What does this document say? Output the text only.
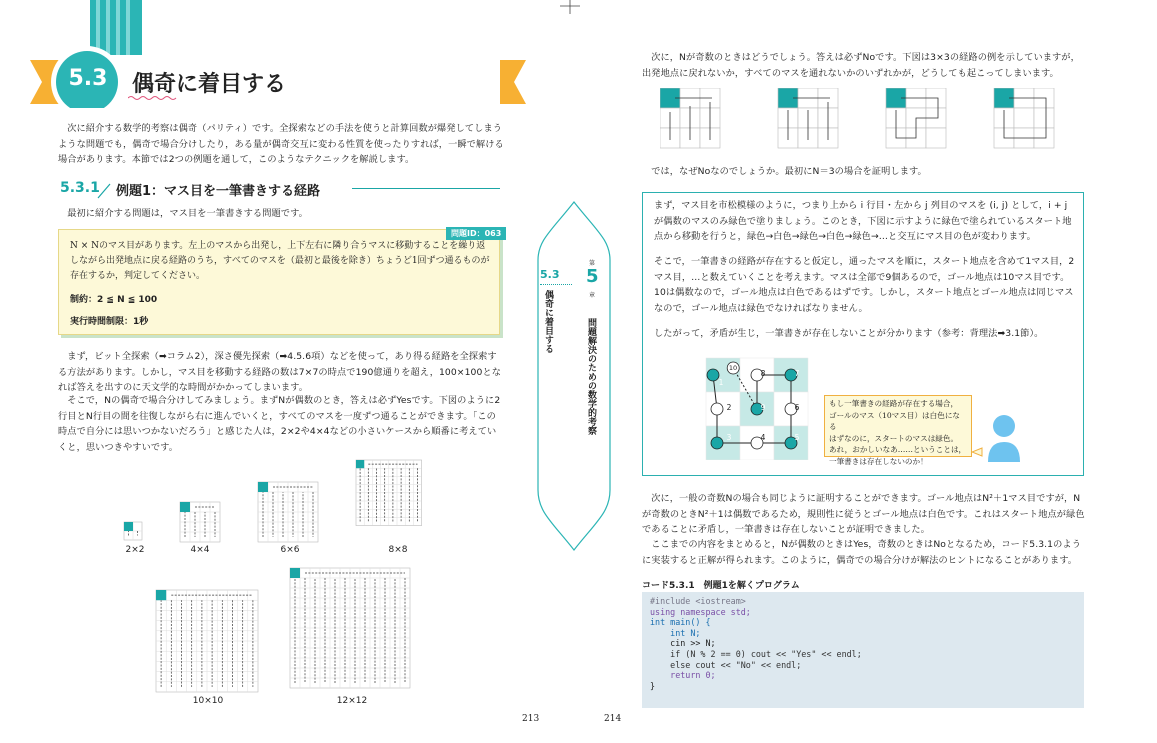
5.3 偶奇に着目する
次に紹介する数学的考察は偶奇（パリティ）です。全探索などの手法を使うと計算回数が爆発してしまうような問題でも，偶奇で場合分けしたり，ある量が偶奇交互に変わる性質を使ったりすれば，一瞬で解ける場合があります。本節では2つの例題を通して，このようなテクニックを解説します。
5.3.1 例題1：マス目を一筆書きする経路
最初に紹介する問題は，マス目を一筆書きする問題です。
問題ID：063
N × Nのマス目があります。左上のマスから出発し，上下左右に隣り合うマスに移動することを繰り返しながら出発地点に戻る経路のうち，すべてのマスを（最初と最後を除き）ちょうど1回ずつ通るものが存在するか，判定してください。
制約：2 ≦ N ≦ 100
実行時間制限：1秒
まず，ビット全探索（➡コラム2），深さ優先探索（➡4.5.6項）などを使って，あり得る経路を全探索する方法があります。しかし，マス目を移動する経路の数は7×7の時点で190億通りを超え，100×100となれば答えを出すのに天文学的な時間がかかってしまいます。
そこで，Nの偶奇で場合分けしてみましょう。まずNが偶数のとき，答えは必ずYesです。下図のように2行目とN行目の間を往復しながら右に進んでいくと，すべてのマスを一度ずつ通ることができます。「この時点で自分には思いつかないだろう」と感じた人は，2×2や4×4などの小さいケースから順番に考えていくと，思いつきやすいです。
2×2	4×4	6×6	8×8
10×10	12×12
213
5.3
偶奇に着目する
第
5
章
問題解決のための数学的考察
次に，Nが奇数のときはどうでしょう。答えは必ずNoです。下図は3×3の経路の例を示していますが，出発地点に戻れないか，すべてのマスを通れないかのいずれかが，どうしても起こってしまいます。
では，なぜNoなのでしょうか。最初にN＝3の場合を証明します。
まず，マス目を市松模様のように，つまり上から i 行目・左から j 列目のマスを (i, j) として，i + j が偶数のマスのみ緑色で塗りましょう。このとき，下図に示すように緑色で塗られているスタート地点から移動を行うと，緑色→白色→緑色→白色→緑色→…と交互にマス目の色が変わります。
そこで，一筆書きの経路が存在すると仮定し，通ったマスを順に，スタート地点を含めて1マス目，2マス目，…と数えていくことを考えます。マスは全部で9個あるので，ゴール地点は10マス目です。10は偶数なので，ゴール地点は白色であるはずです。しかし，スタート地点とゴール地点は同じマスなので，ゴール地点は緑色でなければなりません。
したがって，矛盾が生じ，一筆書きが存在しないことが分かります（参考：背理法➡3.1節）。
1
2
3	4	5
6
7
8
9
10
もし一筆書きの経路が存在する場合，
ゴールのマス（10マス目）は白色になる
はずなのに，スタートのマスは緑色。
あれ，おかしいなあ……ということは，
一筆書きは存在しないのか！
次に，一般の奇数Nの場合も同じように証明することができます。ゴール地点はN²＋1マス目ですが，Nが奇数のときN²＋1は偶数であるため，規則性に従うとゴール地点は白色です。これはスタート地点が緑色であることに矛盾し，一筆書きは存在しないことが証明できました。
ここまでの内容をまとめると，Nが偶数のときはYes，奇数のときはNoとなるため，コード5.3.1のように実装すると正解が得られます。このように，偶奇での場合分けが解法のヒントになることがあります。
コード5.3.1　例題1を解くプログラム
#include <iostream>
using namespace std;
int main() {
int N;
cin >> N;
if (N % 2 == 0) cout << "Yes" << endl;
else cout << "No" << endl;
return 0;
}
214
